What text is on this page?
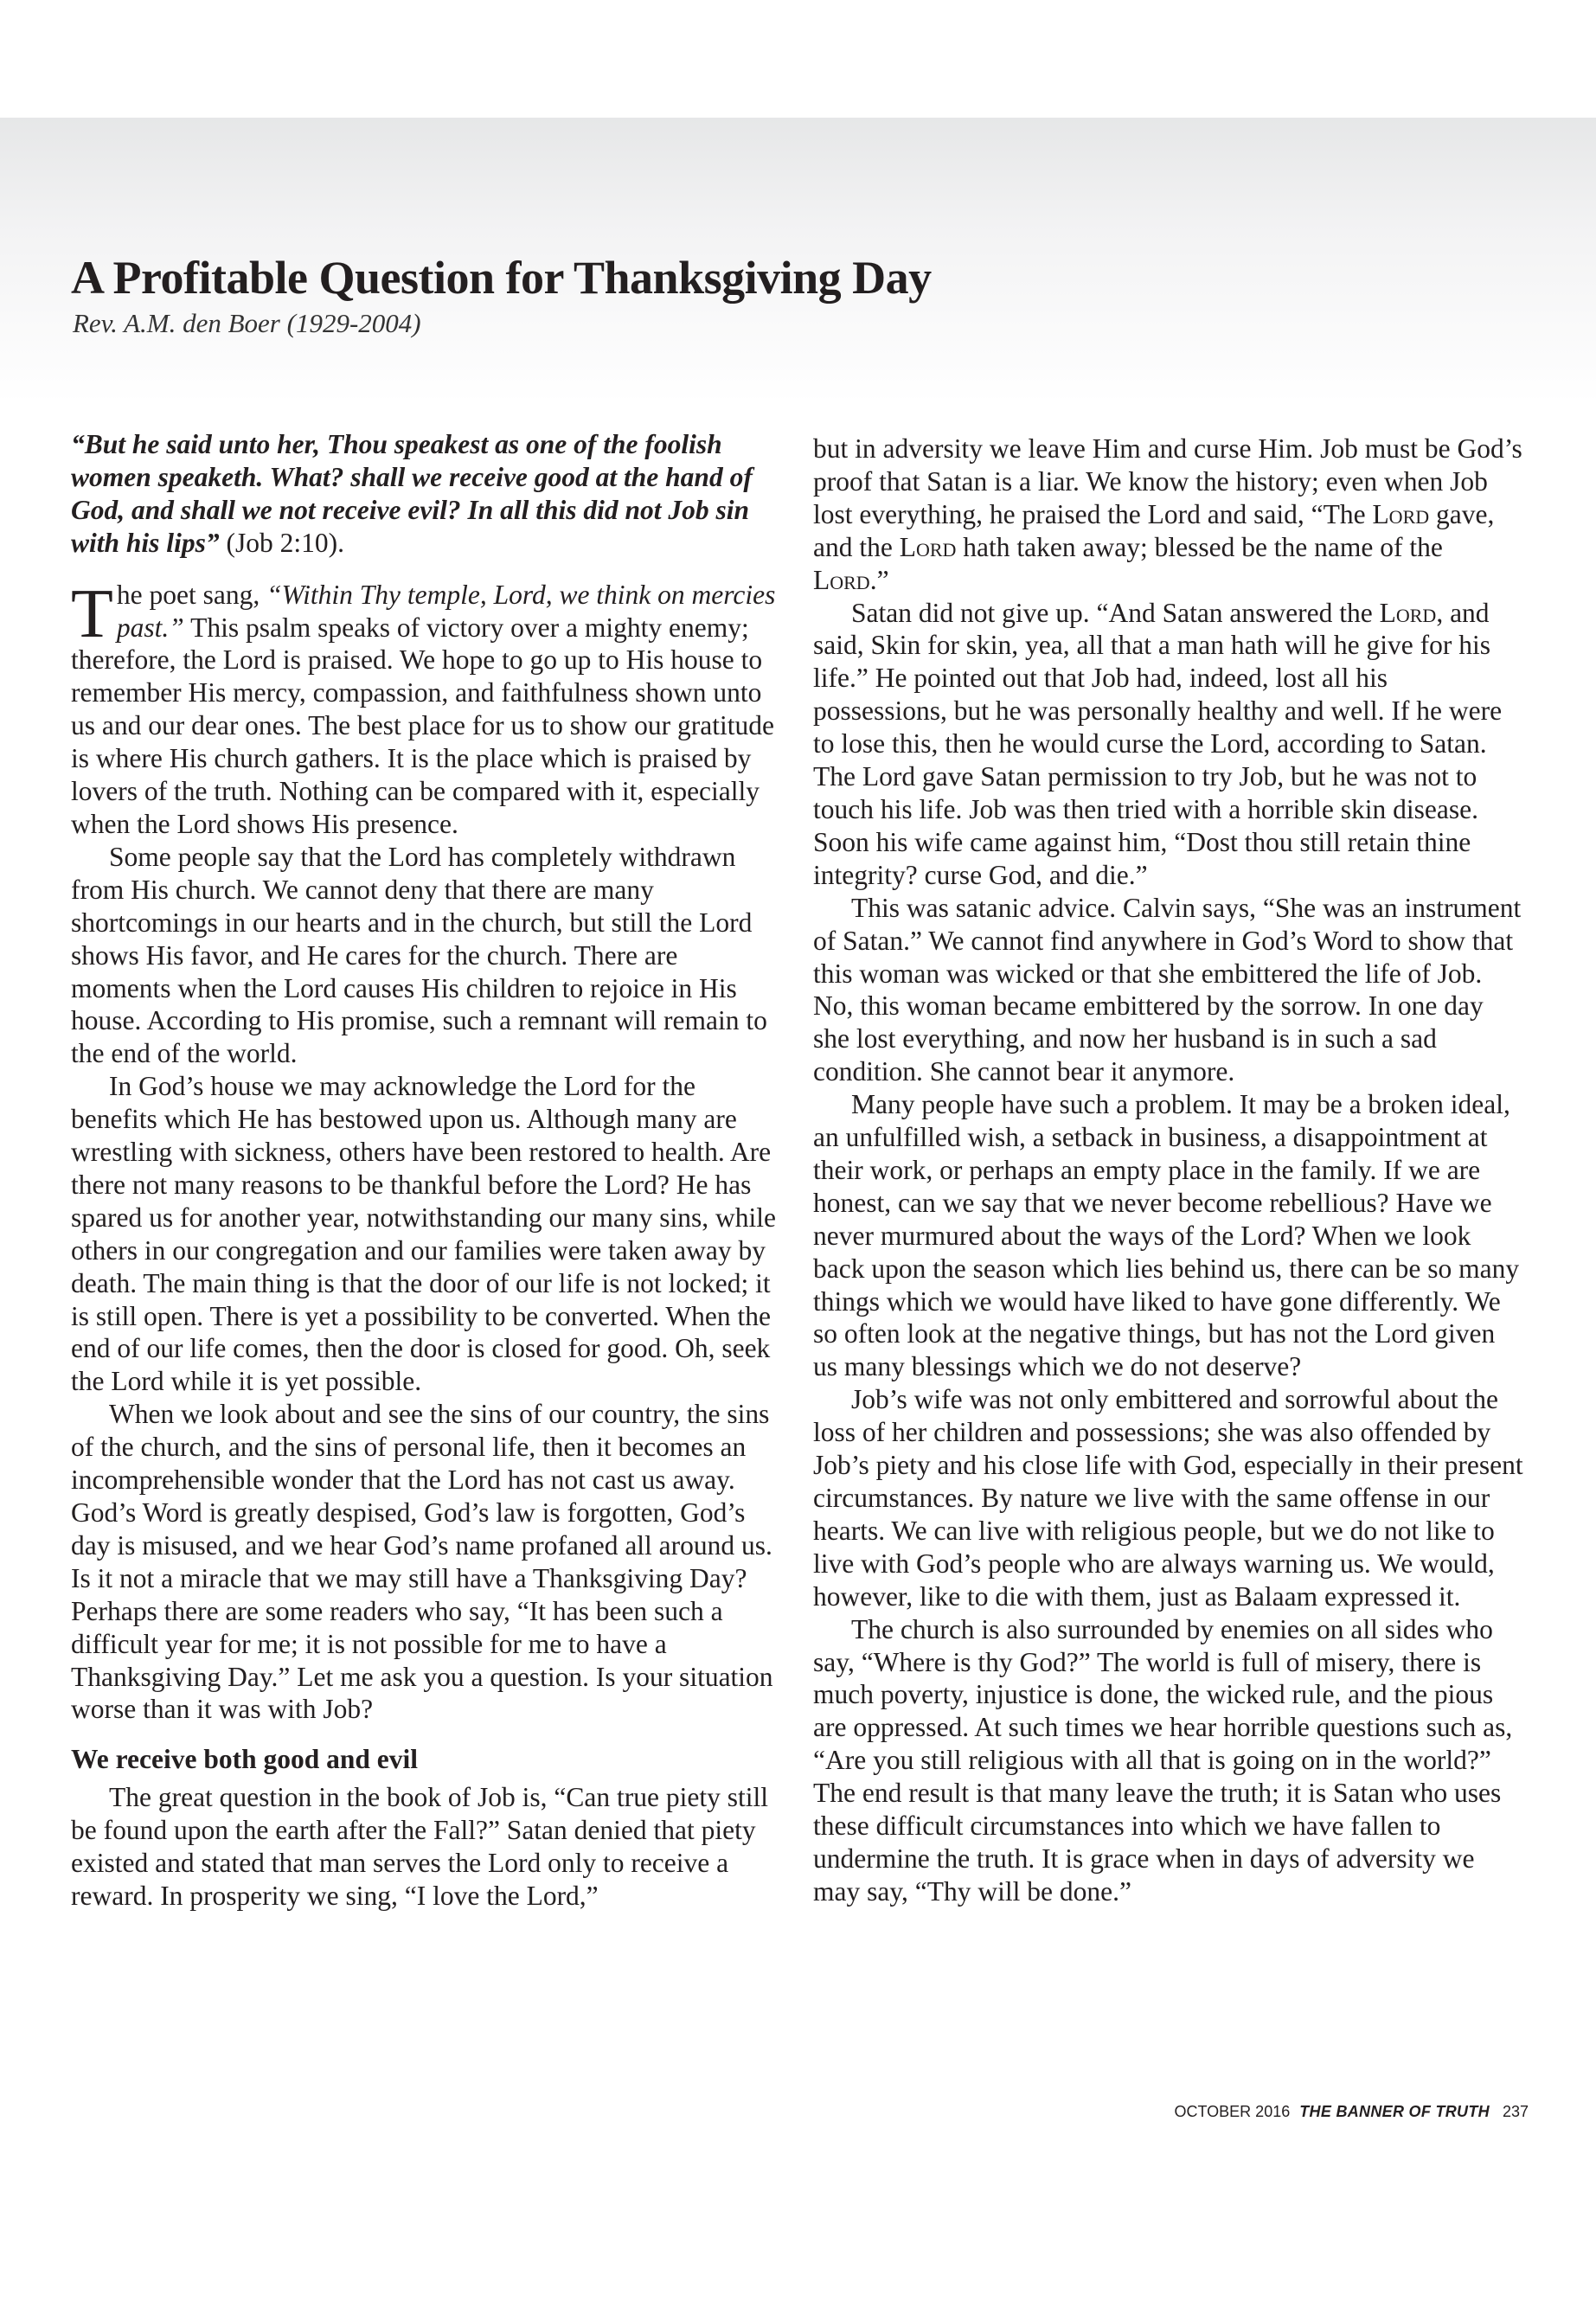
A Profitable Question for Thanksgiving Day

Rev. A.M. den Boer (1929-2004)

“But he said unto her, Thou speakest as one of the foolish women speaketh. What? shall we receive good at the hand of God, and shall we not receive evil? In all this did not Job sin with his lips” (Job 2:10).

The poet sang, “Within Thy temple, Lord, we think on mercies past.” This psalm speaks of victory over a mighty enemy; therefore, the Lord is praised. We hope to go up to His house to remember His mercy, compassion, and faithfulness shown unto us and our dear ones. The best place for us to show our gratitude is where His church gathers. It is the place which is praised by lovers of the truth. Nothing can be compared with it, especially when the Lord shows His presence.

Some people say that the Lord has completely withdrawn from His church. We cannot deny that there are many shortcomings in our hearts and in the church, but still the Lord shows His favor, and He cares for the church. There are moments when the Lord causes His children to rejoice in His house. According to His promise, such a remnant will remain to the end of the world.

In God’s house we may acknowledge the Lord for the benefits which He has bestowed upon us. Although many are wrestling with sickness, others have been restored to health. Are there not many reasons to be thankful before the Lord? He has spared us for another year, notwithstanding our many sins, while others in our congregation and our families were taken away by death. The main thing is that the door of our life is not locked; it is still open. There is yet a possibility to be converted. When the end of our life comes, then the door is closed for good. Oh, seek the Lord while it is yet possible.

When we look about and see the sins of our country, the sins of the church, and the sins of personal life, then it becomes an incomprehensible wonder that the Lord has not cast us away. God’s Word is greatly despised, God’s law is forgotten, God’s day is misused, and we hear God’s name profaned all around us. Is it not a miracle that we may still have a Thanksgiving Day? Perhaps there are some readers who say, “It has been such a difficult year for me; it is not possible for me to have a Thanksgiving Day.” Let me ask you a question. Is your situation worse than it was with Job?

We receive both good and evil

The great question in the book of Job is, “Can true piety still be found upon the earth after the Fall?” Satan denied that piety existed and stated that man serves the Lord only to receive a reward. In prosperity we sing, “I love the Lord,”

but in adversity we leave Him and curse Him. Job must be God’s proof that Satan is a liar. We know the history; even when Job lost everything, he praised the Lord and said, “The Lord gave, and the Lord hath taken away; blessed be the name of the Lord.”

Satan did not give up. “And Satan answered the Lord, and said, Skin for skin, yea, all that a man hath will he give for his life.” He pointed out that Job had, indeed, lost all his possessions, but he was personally healthy and well. If he were to lose this, then he would curse the Lord, according to Satan. The Lord gave Satan permission to try Job, but he was not to touch his life. Job was then tried with a horrible skin disease. Soon his wife came against him, “Dost thou still retain thine integrity? curse God, and die.”

This was satanic advice. Calvin says, “She was an instrument of Satan.” We cannot find anywhere in God’s Word to show that this woman was wicked or that she embittered the life of Job. No, this woman became embittered by the sorrow. In one day she lost everything, and now her husband is in such a sad condition. She cannot bear it anymore.

Many people have such a problem. It may be a broken ideal, an unfulfilled wish, a setback in business, a disappointment at their work, or perhaps an empty place in the family. If we are honest, can we say that we never become rebellious? Have we never murmured about the ways of the Lord? When we look back upon the season which lies behind us, there can be so many things which we would have liked to have gone differently. We so often look at the negative things, but has not the Lord given us many blessings which we do not deserve?

Job’s wife was not only embittered and sorrowful about the loss of her children and possessions; she was also offended by Job’s piety and his close life with God, especially in their present circumstances. By nature we live with the same offense in our hearts. We can live with religious people, but we do not like to live with God’s people who are always warning us. We would, however, like to die with them, just as Balaam expressed it.

The church is also surrounded by enemies on all sides who say, “Where is thy God?” The world is full of misery, there is much poverty, injustice is done, the wicked rule, and the pious are oppressed. At such times we hear horrible questions such as, “Are you still religious with all that is going on in the world?” The end result is that many leave the truth; it is Satan who uses these difficult circumstances into which we have fallen to undermine the truth. It is grace when in days of adversity we may say, “Thy will be done.”

OCTOBER 2016 THE BANNER OF TRUTH 237
